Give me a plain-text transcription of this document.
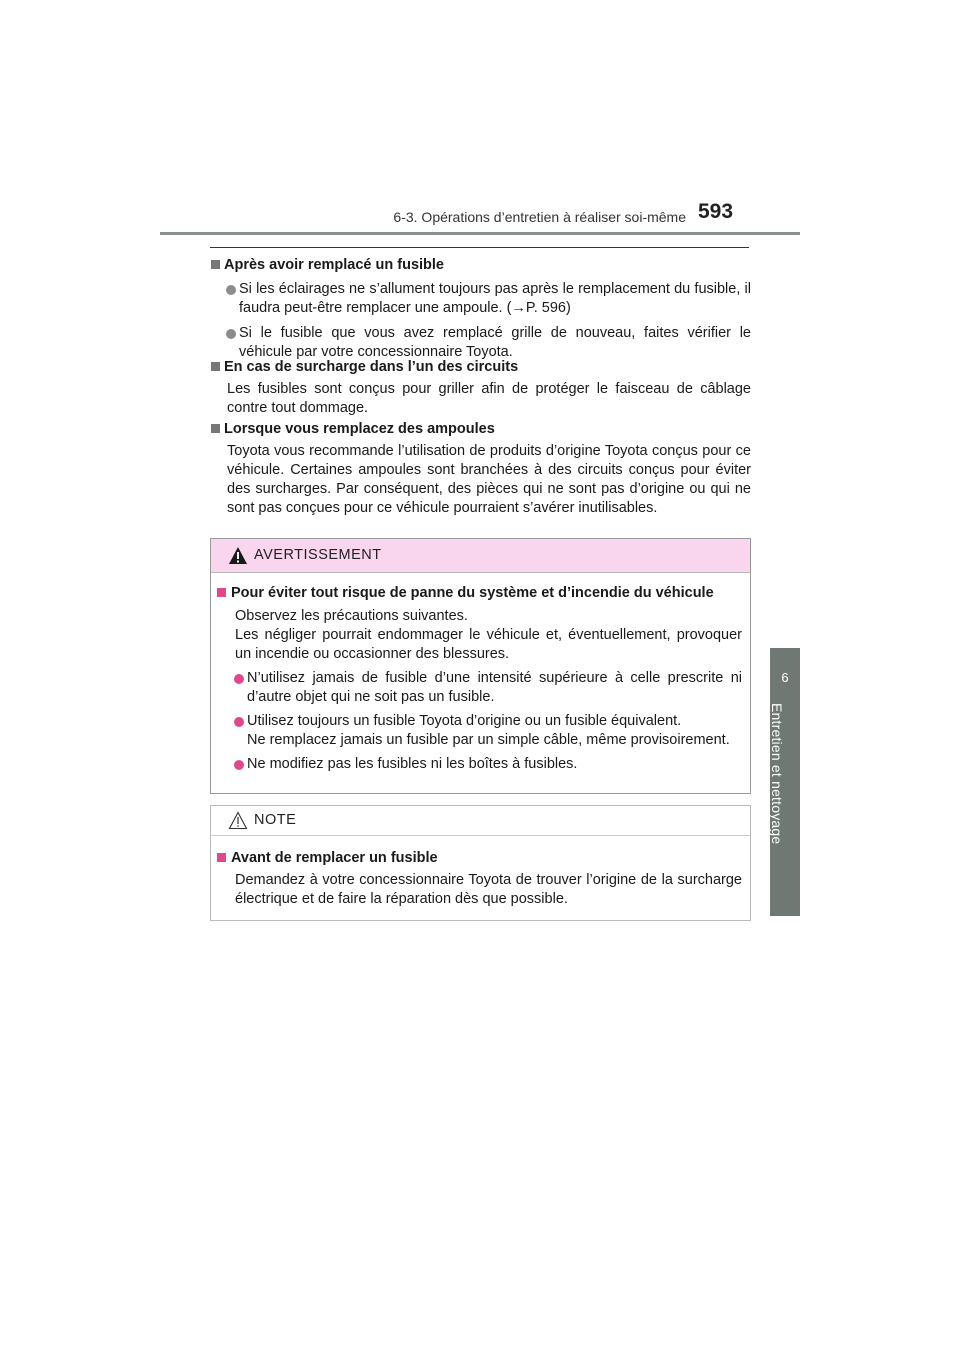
6-3. Opérations d’entretien à réaliser soi-même 593
6
Entretien et nettoyage
Après avoir remplacé un fusible
Si les éclairages ne s’allument toujours pas après le remplacement du fusible, il faudra peut-être remplacer une ampoule. (→P. 596)
Si le fusible que vous avez remplacé grille de nouveau, faites vérifier le véhicule par votre concessionnaire Toyota.
En cas de surcharge dans l’un des circuits
Les fusibles sont conçus pour griller afin de protéger le faisceau de câblage contre tout dommage.
Lorsque vous remplacez des ampoules
Toyota vous recommande l’utilisation de produits d’origine Toyota conçus pour ce véhicule. Certaines ampoules sont branchées à des circuits conçus pour éviter des surcharges. Par conséquent, des pièces qui ne sont pas d’origine ou qui ne sont pas conçues pour ce véhicule pourraient s’avérer inutilisables.
AVERTISSEMENT
Pour éviter tout risque de panne du système et d’incendie du véhicule
Observez les précautions suivantes.
Les négliger pourrait endommager le véhicule et, éventuellement, provoquer un incendie ou occasionner des blessures.
N’utilisez jamais de fusible d’une intensité supérieure à celle prescrite ni d’autre objet qui ne soit pas un fusible.
Utilisez toujours un fusible Toyota d’origine ou un fusible équivalent.
Ne remplacez jamais un fusible par un simple câble, même provisoirement.
Ne modifiez pas les fusibles ni les boîtes à fusibles.
NOTE
Avant de remplacer un fusible
Demandez à votre concessionnaire Toyota de trouver l’origine de la surcharge électrique et de faire la réparation dès que possible.
